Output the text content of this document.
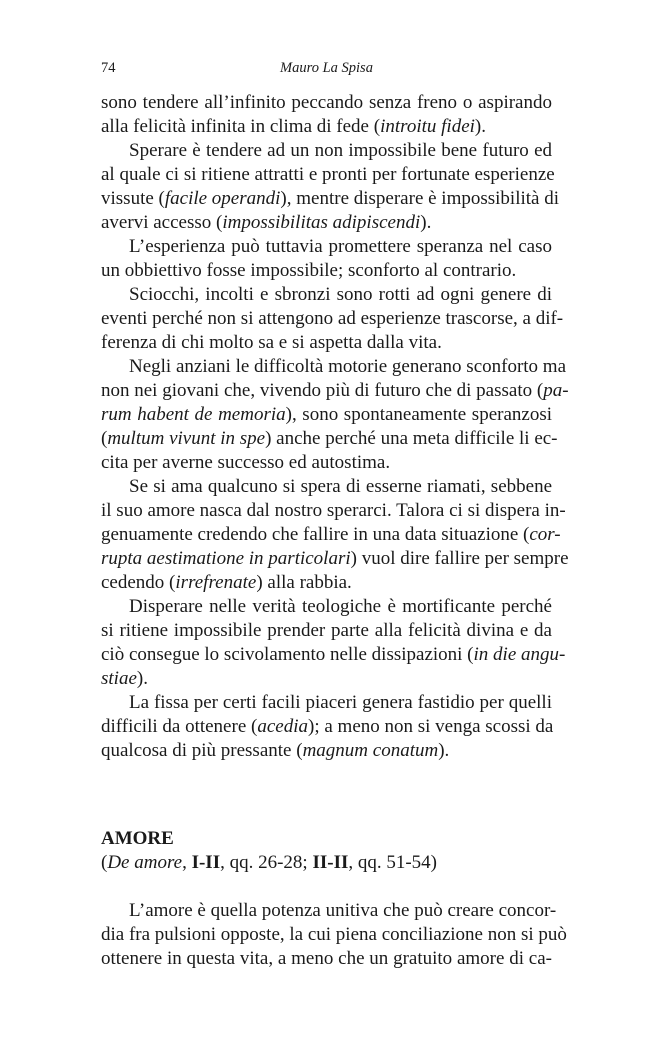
74	Mauro La Spisa
sono tendere all’infinito peccando senza freno o aspirando
alla felicità infinita in clima di fede (introitu fidei).
Sperare è tendere ad un non impossibile bene futuro ed
al quale ci si ritiene attratti e pronti per fortunate esperienze
vissute (facile operandi), mentre disperare è impossibilità di
avervi accesso (impossibilitas adipiscendi).
L’esperienza può tuttavia promettere speranza nel caso
un obbiettivo fosse impossibile; sconforto al contrario.
Sciocchi, incolti e sbronzi sono rotti ad ogni genere di
eventi perché non si attengono ad esperienze trascorse, a dif-
ferenza di chi molto sa e si aspetta dalla vita.
Negli anziani le difficoltà motorie generano sconforto ma
non nei giovani che, vivendo più di futuro che di passato (pa-
rum habent de memoria), sono spontaneamente speranzosi
(multum vivunt in spe) anche perché una meta difficile li ec-
cita per averne successo ed autostima.
Se si ama qualcuno si spera di esserne riamati, sebbene
il suo amore nasca dal nostro sperarci. Talora ci si dispera in-
genuamente credendo che fallire in una data situazione (cor-
rupta aestimatione in particolari) vuol dire fallire per sempre
cedendo (irrefrenate) alla rabbia.
Disperare nelle verità teologiche è mortificante perché
si ritiene impossibile prender parte alla felicità divina e da
ciò consegue lo scivolamento nelle dissipazioni (in die angu-
stiae).
La fissa per certi facili piaceri genera fastidio per quelli
difficili da ottenere (acedia); a meno non si venga scossi da
qualcosa di più pressante (magnum conatum).
AMORE
(De amore, I-II, qq. 26-28; II-II, qq. 51-54)
L’amore è quella potenza unitiva che può creare concor-
dia fra pulsioni opposte, la cui piena conciliazione non si può
ottenere in questa vita, a meno che un gratuito amore di ca-
